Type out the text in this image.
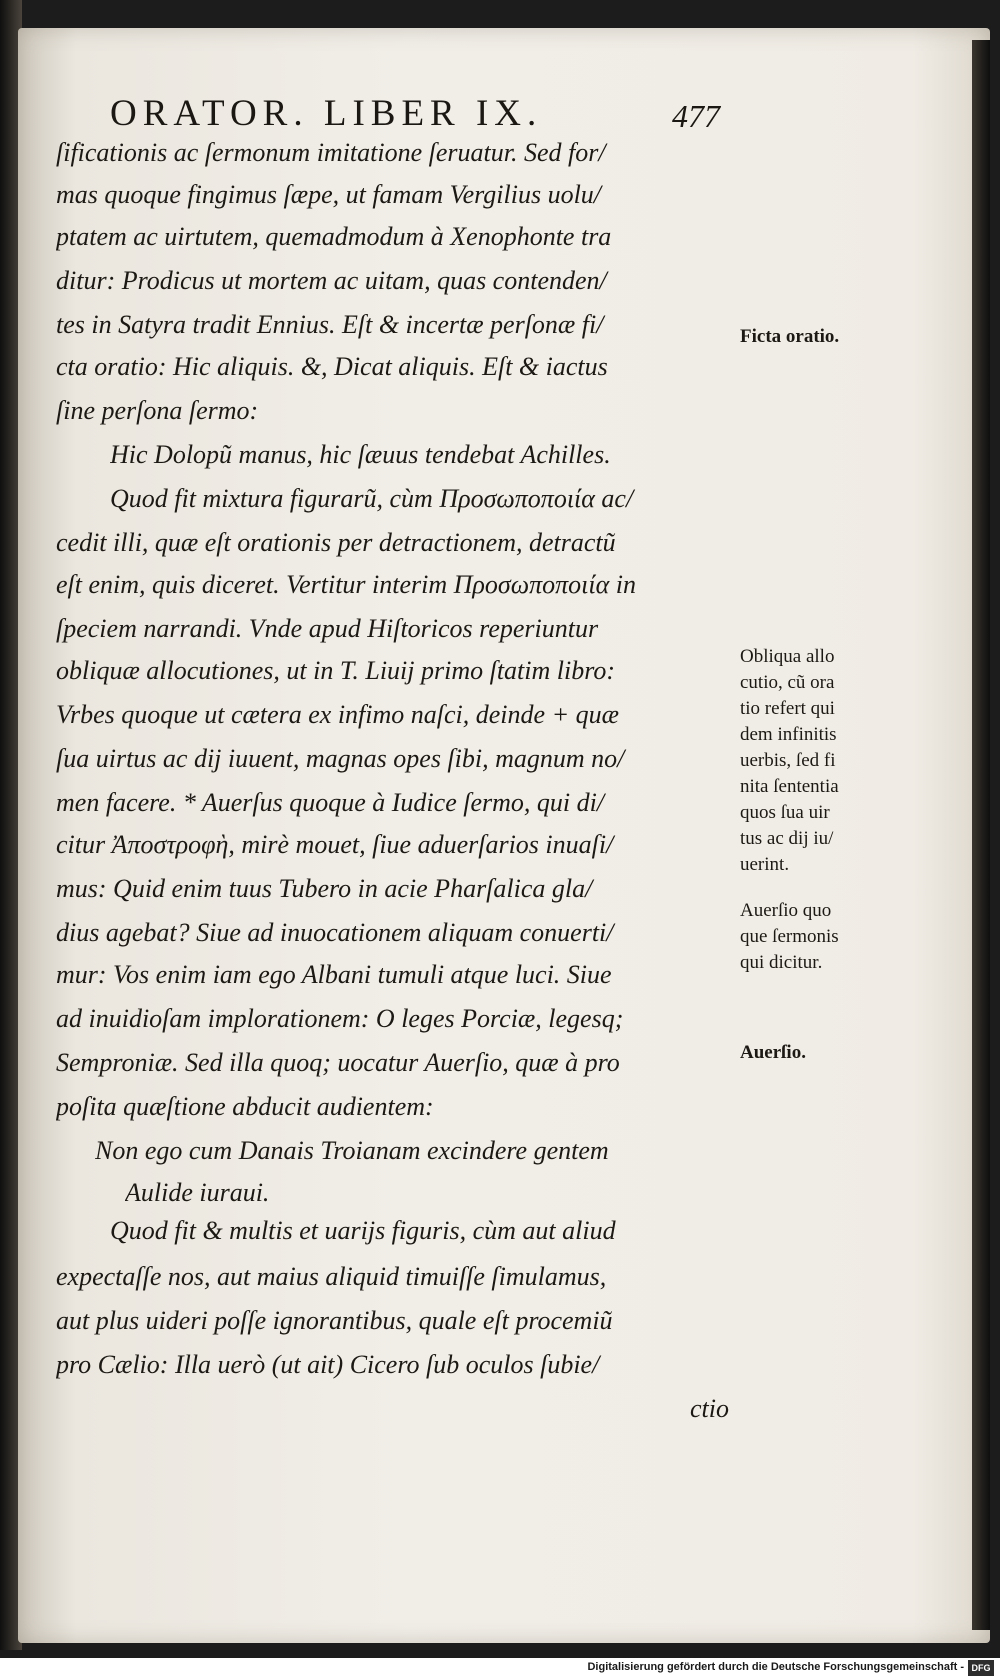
ORATOR. LIBER IX.	477
ſificationis ac ſermonum imitatione ſeruatur. Sed for/
mas quoque fingimus ſæpe, ut famam Vergilius uolu/
ptatem ac uirtutem, quemadmodum à Xenophonte tra
ditur: Prodicus ut mortem ac uitam, quas contenden/
tes in Satyra tradit Ennius. Eſt & incertæ perſonæ fi/
cta oratio: Hic aliquis. &, Dicat aliquis. Eſt & iactus
ſine perſona ſermo:
Hic Dolopũ manus, hic ſæuus tendebat Achilles.
Quod fit mixtura figurarũ, cùm Προσωποποιία ac/
cedit illi, quæ eſt orationis per detractionem, detractũ
eſt enim, quis diceret. Vertitur interim Προσωποποιία in
ſpeciem narrandi. Vnde apud Hiſtoricos reperiuntur
obliquæ allocutiones, ut in T. Liuij primo ſtatim libro:
Vrbes quoque ut cætera ex infimo naſci, deinde + quæ
ſua uirtus ac dij iuuent, magnas opes ſibi, magnum no/
men facere. * Auerſus quoque à Iudice ſermo, qui di/
citur Ἀποστροφὴ, mirè mouet, ſiue aduerſarios inuaſi/
mus: Quid enim tuus Tubero in acie Pharſalica gla/
dius agebat? Siue ad inuocationem aliquam conuerti/
mur: Vos enim iam ego Albani tumuli atque luci. Siue
ad inuidioſam implorationem: O leges Porciæ, legesq;
Semproniæ. Sed illa quoq; uocatur Auerſio, quæ à pro
poſita quæſtione abducit audientem:
Non ego cum Danais Troianam excindere gentem
Aulide iuraui.
Quod fit & multis et uarijs figuris, cùm aut aliud
expectaſſe nos, aut maius aliquid timuiſſe ſimulamus,
aut plus uideri poſſe ignorantibus, quale eſt procemiũ
pro Cælio: Illa uerò (ut ait) Cicero ſub oculos ſubie/
ctio
Ficta oratio.
Obliqua allo
cutio, cũ ora
tio refert qui
dem infinitis
uerbis, ſed fi
nita ſententia
quos ſua uir
tus ac dij iu/
uerint.
Auerſio quo
que ſermonis
qui dicitur.
Auerſio.
Digitalisierung gefördert durch die Deutsche Forschungsgemeinschaft - DFG
